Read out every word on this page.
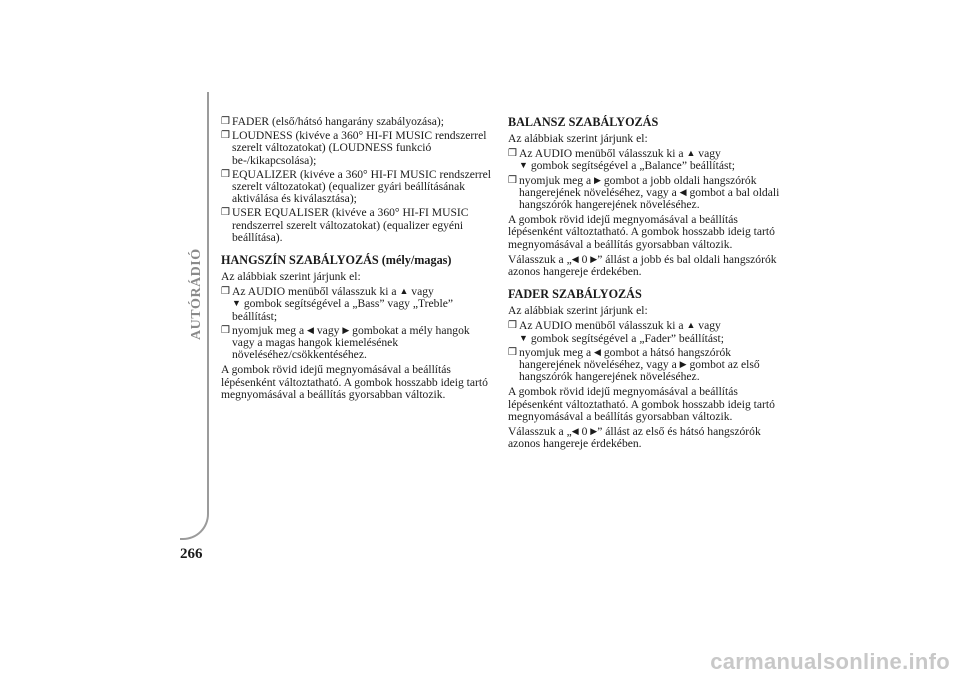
AUTÓRÁDIÓ
266
❒ FADER (első/hátsó hangarány szabályozása);
❒ LOUDNESS (kivéve a 360° HI-FI MUSIC rendszerrel szerelt változatokat) (LOUDNESS funkció be-/kikapcsolása);
❒ EQUALIZER (kivéve a 360° HI-FI MUSIC rendszerrel szerelt változatokat) (equalizer gyári beállításának aktiválása és kiválasztása);
❒ USER EQUALISER (kivéve a 360° HI-FI MUSIC rendszerrel szerelt változatokat) (equalizer egyéni beállítása).
HANGSZÍN SZABÁLYOZÁS (mély/magas)
Az alábbiak szerint járjunk el:
❒ Az AUDIO menüből válasszuk ki a ▲ vagy
▼ gombok segítségével a „Bass” vagy „Treble” beállítást;
❒ nyomjuk meg a ◀ vagy ▶ gombokat a mély hangok vagy a magas hangok kiemelésének növeléséhez/csökkentéséhez.
A gombok rövid idejű megnyomásával a beállítás lépésenként változtatható. A gombok hosszabb ideig tartó megnyomásával a beállítás gyorsabban változik.
BALANSZ SZABÁLYOZÁS
Az alábbiak szerint járjunk el:
❒ Az AUDIO menüből válasszuk ki a ▲ vagy
▼ gombok segítségével a „Balance” beállítást;
❒ nyomjuk meg a ▶ gombot a jobb oldali hangszórók hangerejének növeléséhez, vagy a ◀ gombot a bal oldali hangszórók hangerejének növeléséhez.
A gombok rövid idejű megnyomásával a beállítás lépésenként változtatható. A gombok hosszabb ideig tartó megnyomásával a beállítás gyorsabban változik.
Válasszuk a „◀ 0 ▶” állást a jobb és bal oldali hangszórók azonos hangereje érdekében.
FADER SZABÁLYOZÁS
Az alábbiak szerint járjunk el:
❒ Az AUDIO menüből válasszuk ki a ▲ vagy
▼ gombok segítségével a „Fader” beállítást;
❒ nyomjuk meg a ◀ gombot a hátsó hangszórók hangerejének növeléséhez, vagy a ▶ gombot az első hangszórók hangerejének növeléséhez.
A gombok rövid idejű megnyomásával a beállítás lépésenként változtatható. A gombok hosszabb ideig tartó megnyomásával a beállítás gyorsabban változik.
Válasszuk a „◀ 0 ▶” állást az első és hátsó hangszórók azonos hangereje érdekében.
carmanualsonline.info
